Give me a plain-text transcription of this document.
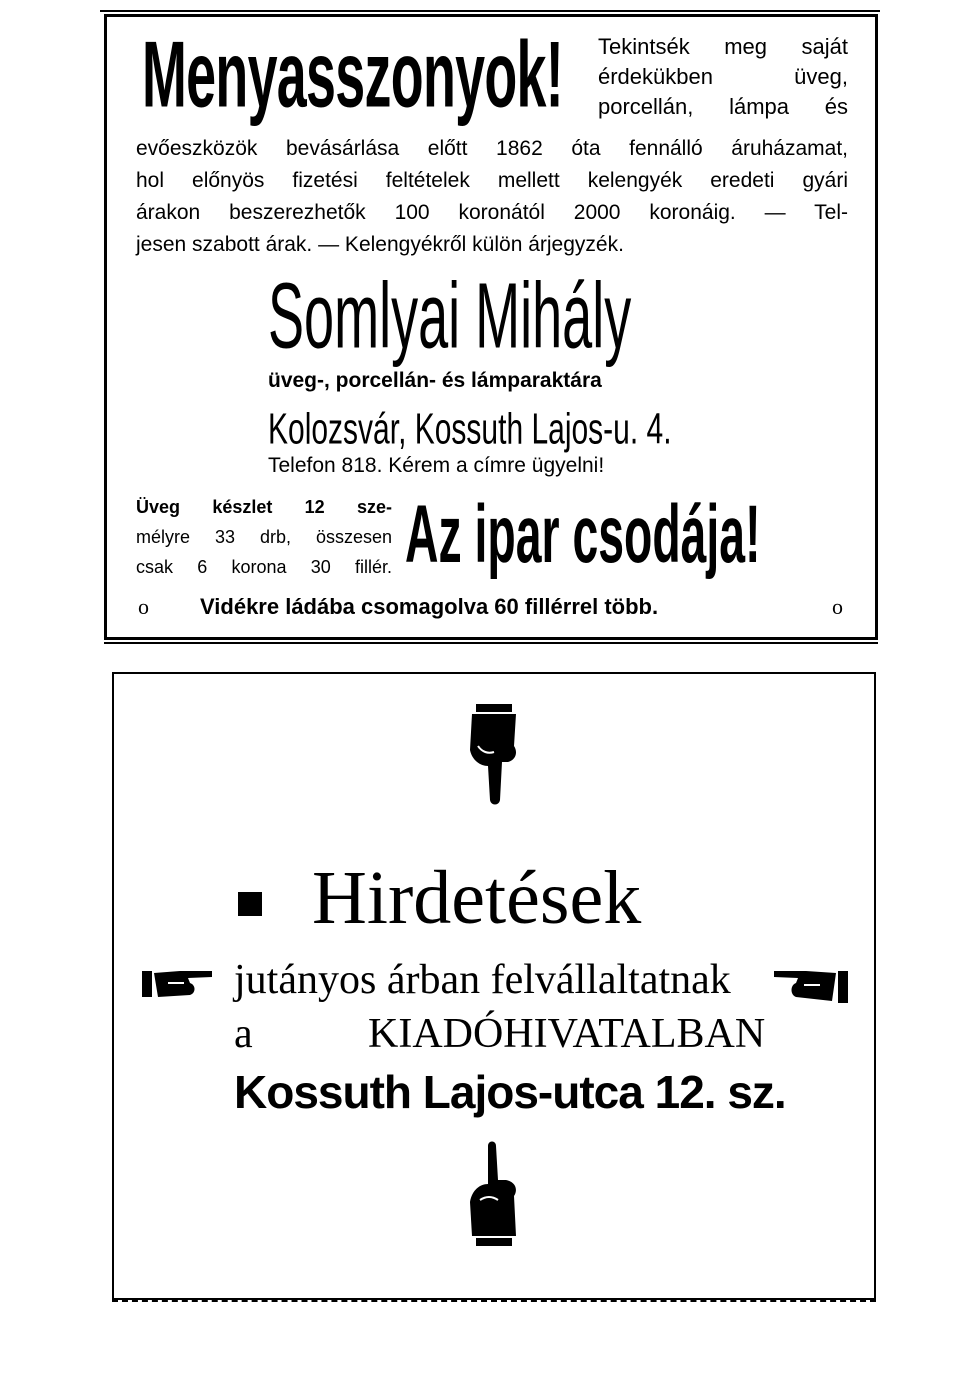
Menyasszonyok! Tekintsék meg saját
érdekükben üveg,
porcellán, lámpa és
evőeszközök bevásárlása előtt 1862 óta fennálló áruházamat,
hol előnyös fizetési feltételek mellett kelengyék eredeti gyári
árakon beszerezhetők 100 koronától 2000 koronáig. — Tel-
jesen szabott árak. — Kelengyékről külön árjegyzék.
Somlyai Mihály
üveg-, porcellán- és lámparaktára
Kolozsvár, Kossuth Lajos-u. 4.
Telefon 818. Kérem a címre ügyelni!
Üveg készlet 12 sze-
mélyre 33 drb, összesen
csak 6 korona 30 fillér. Az ipar csodája!
o Vidékre ládába csomagolva 60 fillérrel több.	o
Hirdetések
jutányos árban felvállaltatnak
a	KIADÓHIVATALBAN
Kossuth Lajos-utca 12. sz.
